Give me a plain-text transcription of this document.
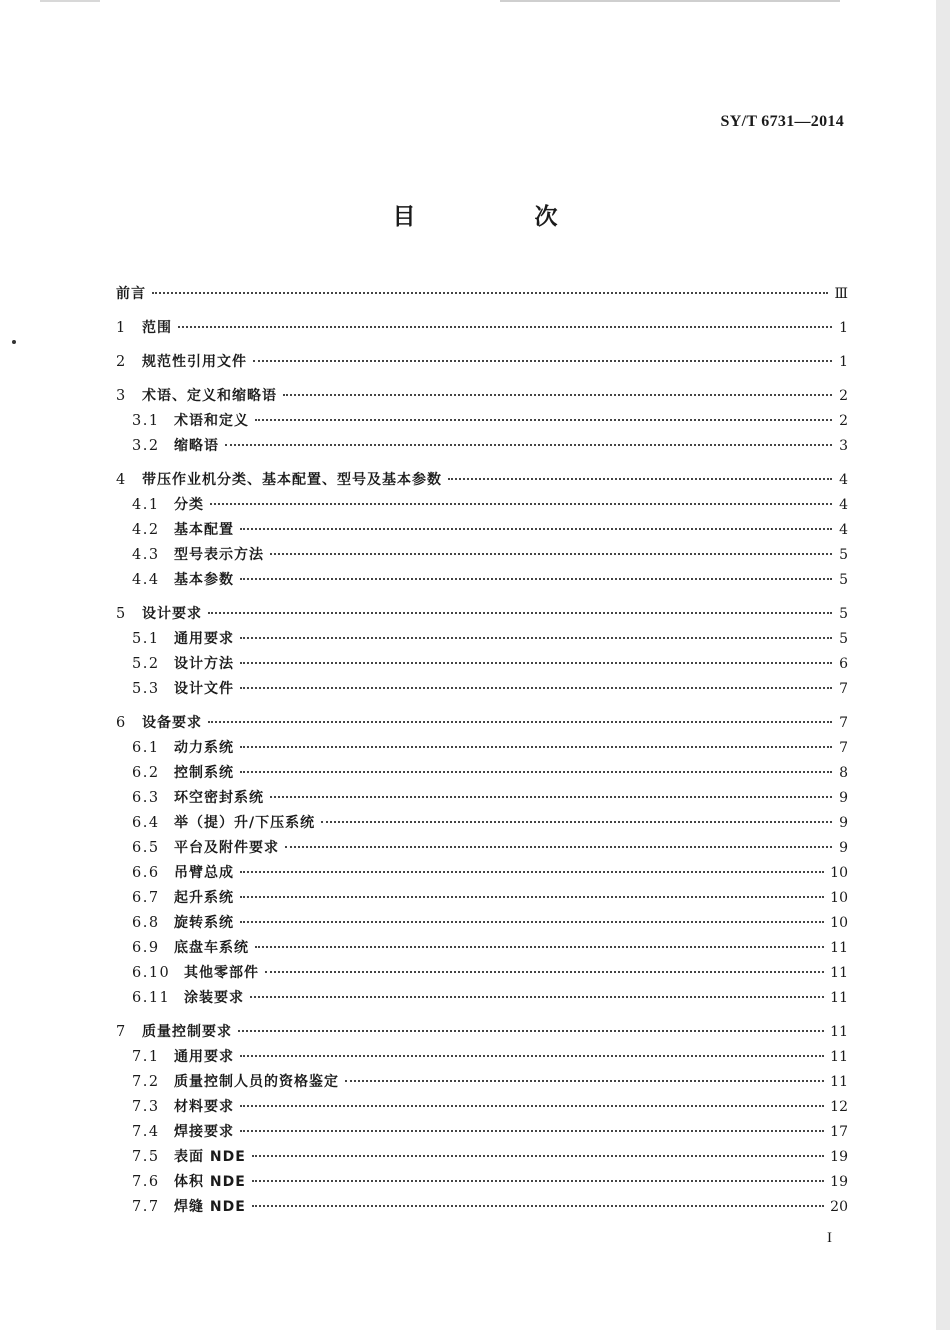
SY/T 6731—2014
目　次
前言	Ⅲ
1	范围	1
2	规范性引用文件	1
3	术语、定义和缩略语	2
3.1	术语和定义	2
3.2	缩略语	3
4	带压作业机分类、基本配置、型号及基本参数	4
4.1	分类	4
4.2	基本配置	4
4.3	型号表示方法	5
4.4	基本参数	5
5	设计要求	5
5.1	通用要求	5
5.2	设计方法	6
5.3	设计文件	7
6	设备要求	7
6.1	动力系统	7
6.2	控制系统	8
6.3	环空密封系统	9
6.4	举（提）升/下压系统	9
6.5	平台及附件要求	9
6.6	吊臂总成	10
6.7	起升系统	10
6.8	旋转系统	10
6.9	底盘车系统	11
6.10 其他零部件	11
6.11 涂装要求	11
7	质量控制要求	11
7.1	通用要求	11
7.2	质量控制人员的资格鉴定	11
7.3	材料要求	12
7.4	焊接要求	17
7.5	表面 NDE	19
7.6	体积 NDE	19
7.7	焊缝 NDE	20
I
